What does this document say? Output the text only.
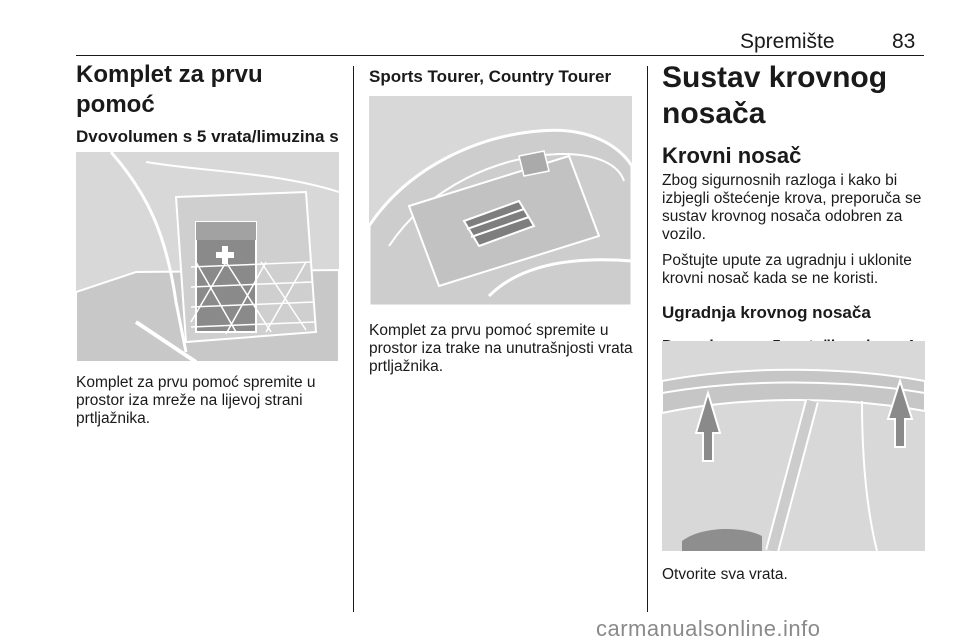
Spremište	83
Komplet za prvu pomoć
Dvovolumen s 5 vrata/limuzina s

Komplet za prvu pomoć spremite u prostor iza mreže na lijevoj strani prtljažnika.

Sports Tourer, Country Tourer

Komplet za prvu pomoć spremite u prostor iza trake na unutrašnjosti vrata prtljažnika.

Sustav krovnog nosača
Krovni nosač

Zbog sigurnosnih razloga i kako bi izbjegli oštećenje krova, preporuča se sustav krovnog nosača odobren za vozilo.

Poštujte upute za ugradnju i uklonite krovni nosač kada se ne koristi.

Ugradnja krovnog nosača

Otvorite sva vrata.

carmanualsonline.info
